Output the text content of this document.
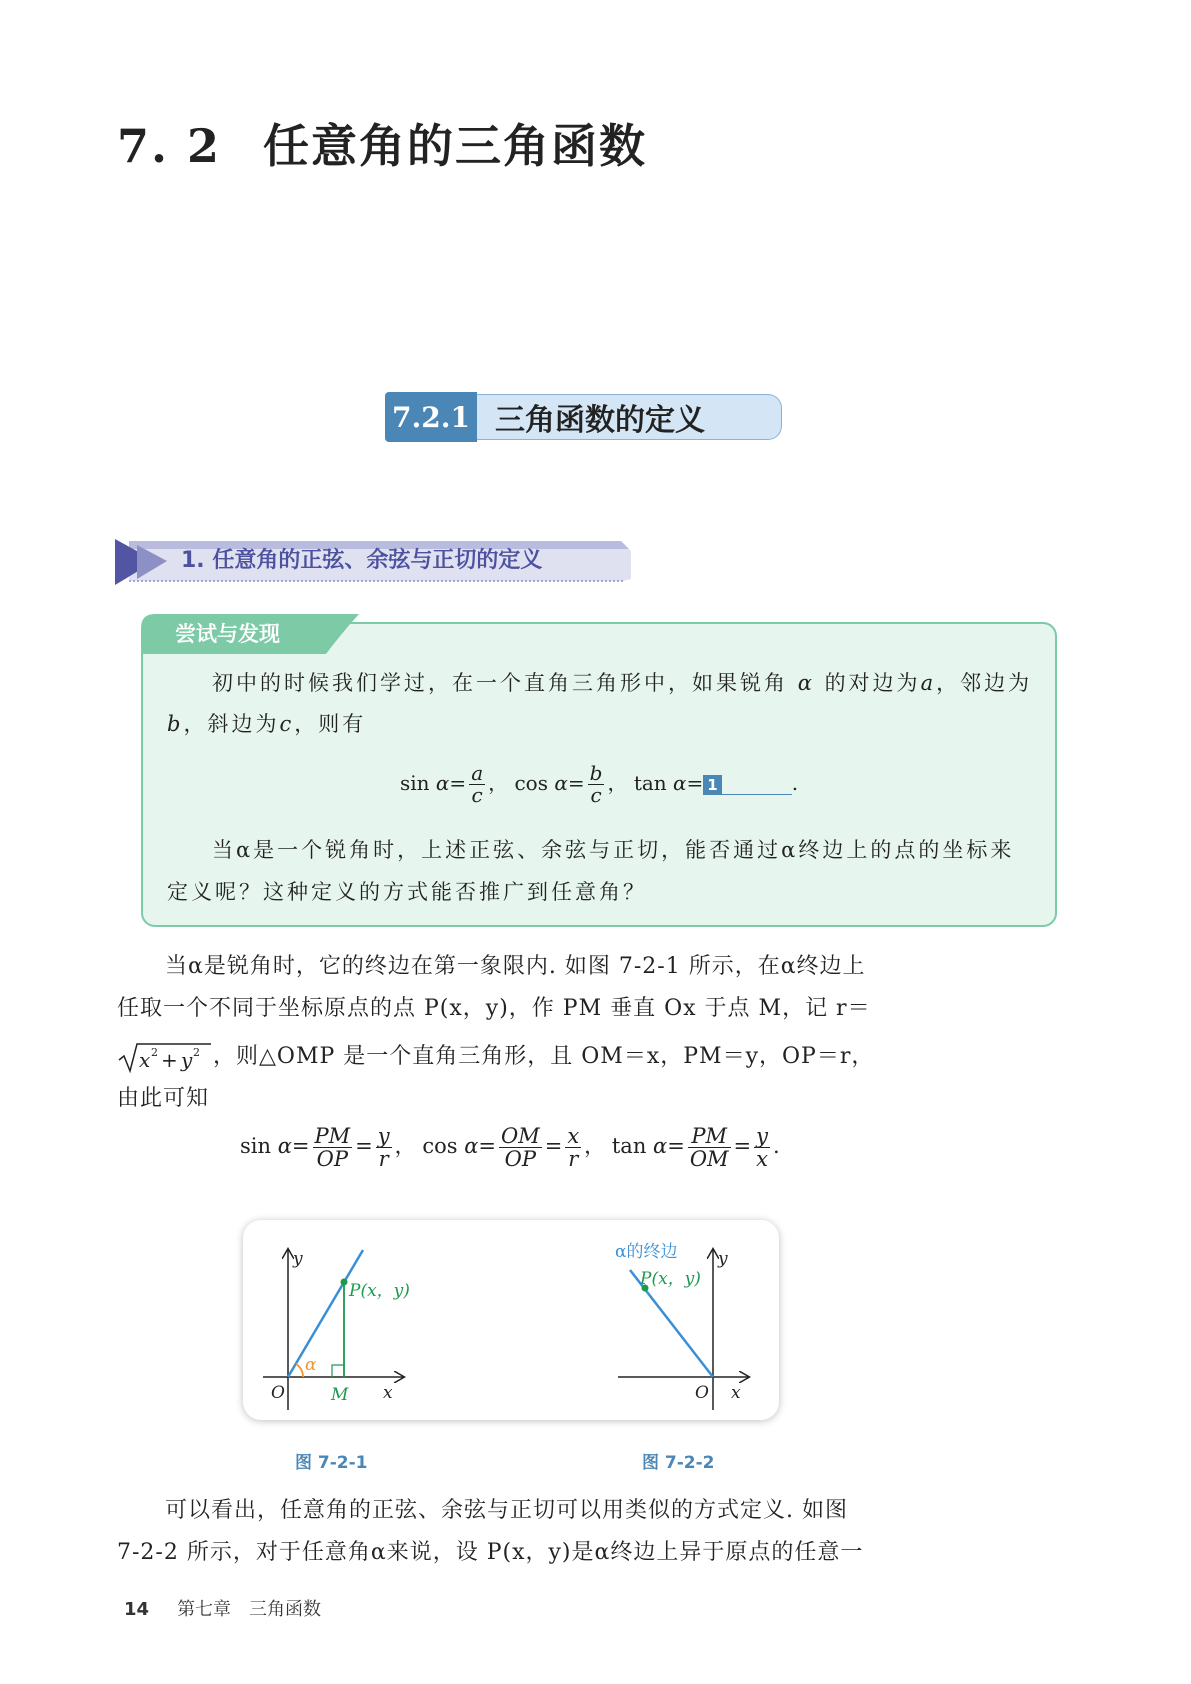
7. 2 任意角的三角函数
7.2.1 三角函数的定义
1. 任意角的正弦、余弦与正切的定义
尝试与发现
初中的时候我们学过，在一个直角三角形中，如果锐角 α 的对边为a，邻边为
b，斜边为c，则有
$\sin \alpha= \frac{a}{c}$ ， $\cos \alpha= \frac{b}{c}$ ， tan α= 1	.
当α是一个锐角时，上述正弦、余弦与正切，能否通过α终边上的点的坐标来
定义呢？这种定义的方式能否推广到任意角？
当α是锐角时，它的终边在第一象限内. 如图 7-2-1 所示，在α终边上
任取一个不同于坐标原点的点 P(x，y)，作 PM 垂直 Ox 于点 M，记 r＝
x 2 + y 2 ，则△OMP 是一个直角三角形，且 OM＝x，PM＝y，OP＝r，
由此可知
$\sin \alpha= \frac{PM}{OP} = \frac{y}{r}$ ， $\cos \alpha= \frac{OM}{OP} = \frac{x}{r}$ ， $\tan \alpha= \frac{PM}{OM} = \frac{y}{x}$ .
α
y
x
O	M
P(x，y)
α的终边 y
x
O
P(x，y)
图 7-2-1	图 7-2-2
可以看出，任意角的正弦、余弦与正切可以用类似的方式定义. 如图
7-2-2 所示，对于任意角α来说，设 P(x，y)是α终边上异于原点的任意一
14 第七章　三角函数
